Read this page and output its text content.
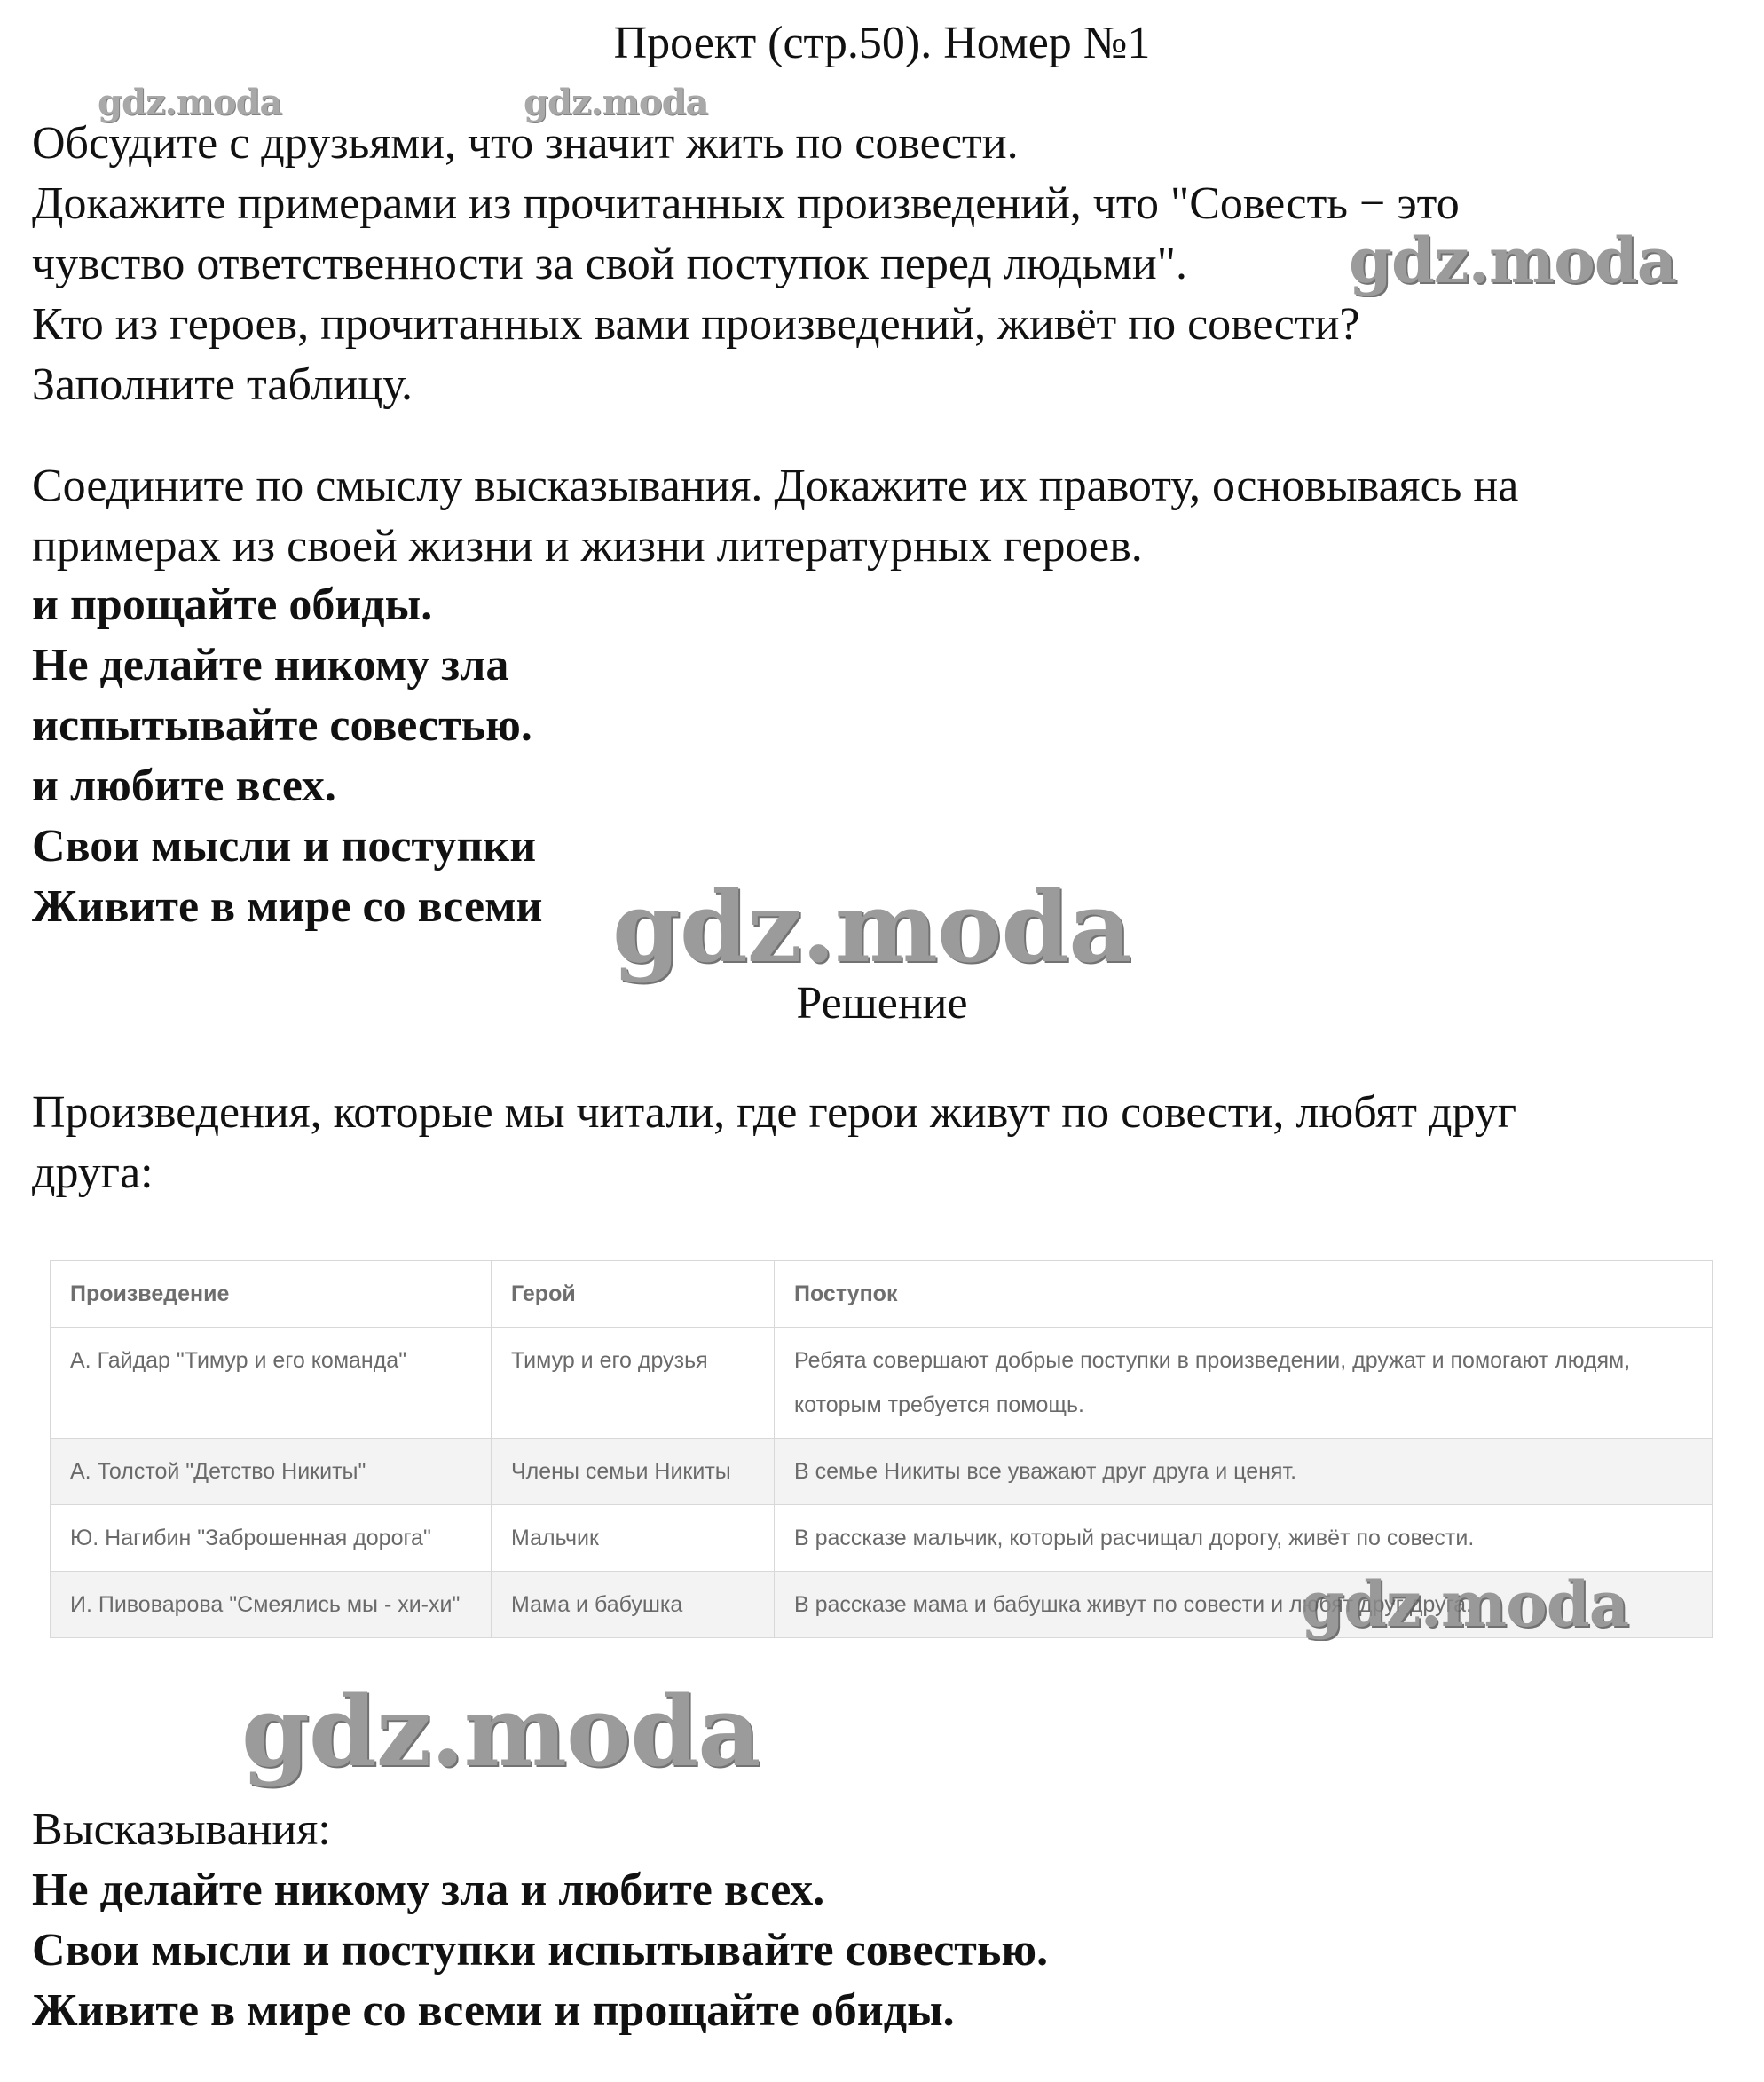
Проект (стр.50). Номер №1

Обсудите с друзьями, что значит жить по совести.

Докажите примерами из прочитанных произведений, что "Совесть − это

чувство ответственности за свой поступок перед людьми".

Кто из героев, прочитанных вами произведений, живёт по совести?

Заполните таблицу.

Соедините по смыслу высказывания. Докажите их правоту, основываясь на

примерах из своей жизни и жизни литературных героев.

и прощайте обиды.

Не делайте никому зла

испытывайте совестью.

и любите всех.

Свои мысли и поступки

Живите в мире со всеми

Решение

Произведения, которые мы читали, где герои живут по совести, любят друг

друга:

Произведение	Герой	Поступок
А. Гайдар "Тимур и его команда"	Тимур и его друзья	Ребята совершают добрые поступки в произведении, дружат и помогают людям, которым требуется помощь.
А. Толстой "Детство Никиты"	Члены семьи Никиты	В семье Никиты все уважают друг друга и ценят.
Ю. Нагибин "Заброшенная дорога"	Мальчик	В рассказе мальчик, который расчищал дорогу, живёт по совести.
И. Пивоварова "Смеялись мы - хи-хи"	Мама и бабушка	В рассказе мама и бабушка живут по совести и любят друг друга.

Высказывания:

Не делайте никому зла и любите всех.

Свои мысли и поступки испытывайте совестью.

Живите в мире со всеми и прощайте обиды.

gdz.moda	gdz.moda
gdz.moda
gdz.moda
gdz.moda
gdz.moda
